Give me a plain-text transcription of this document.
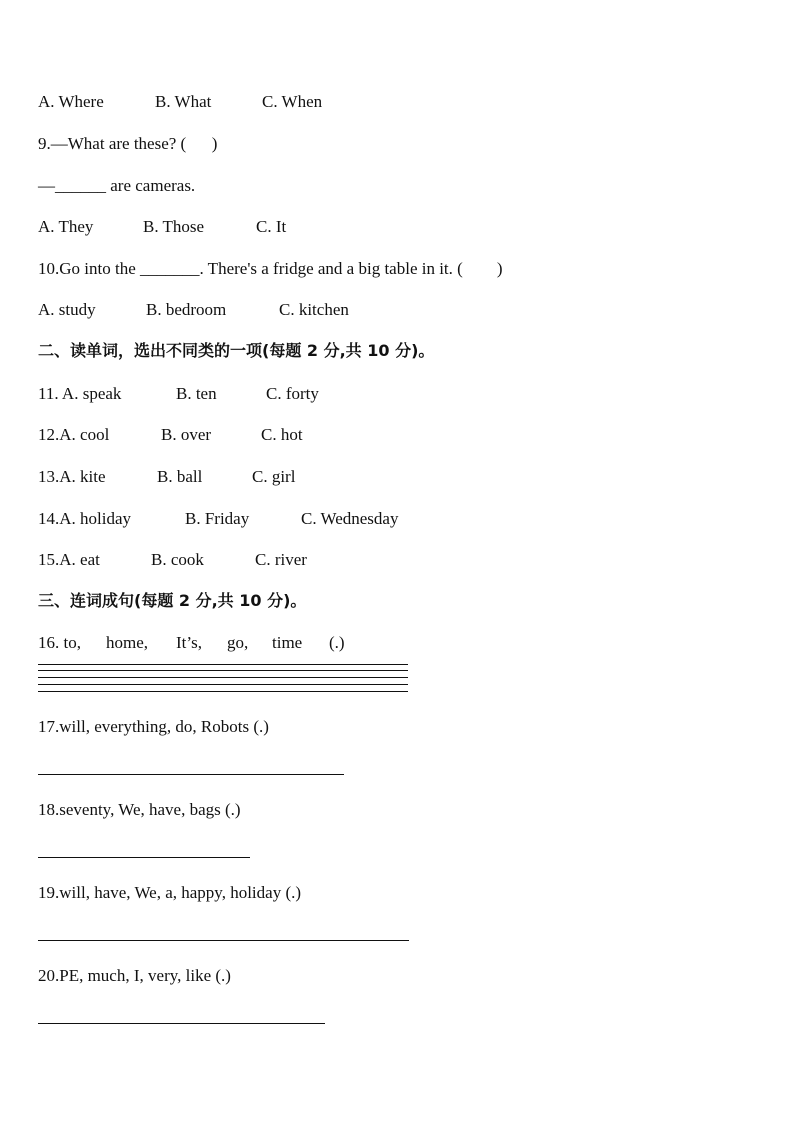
A. Where	B. What	C. When
9.—What are these? (      )
—______ are cameras.
A. They	B. Those	C. It
10.Go into the _______. There's a fridge and a big table in it. (        )
A. study	B. bedroom	C. kitchen
二、读单词，选出不同类的一项(每题 2 分,共 10 分)。
11. A. speak	B. ten	C. forty
12.A. cool	B. over	C. hot
13.A. kite	B. ball	C. girl
14.A. holiday	B. Friday	C. Wednesday
15.A. eat	B. cook	C. river
三、连词成句(每题 2 分,共 10 分)。
16. to, home, It’s, go, time (.)
17.will, everything, do, Robots (.)
18.seventy, We, have, bags (.)
19.will, have, We, a, happy, holiday (.)
20.PE, much, I, very, like (.)
